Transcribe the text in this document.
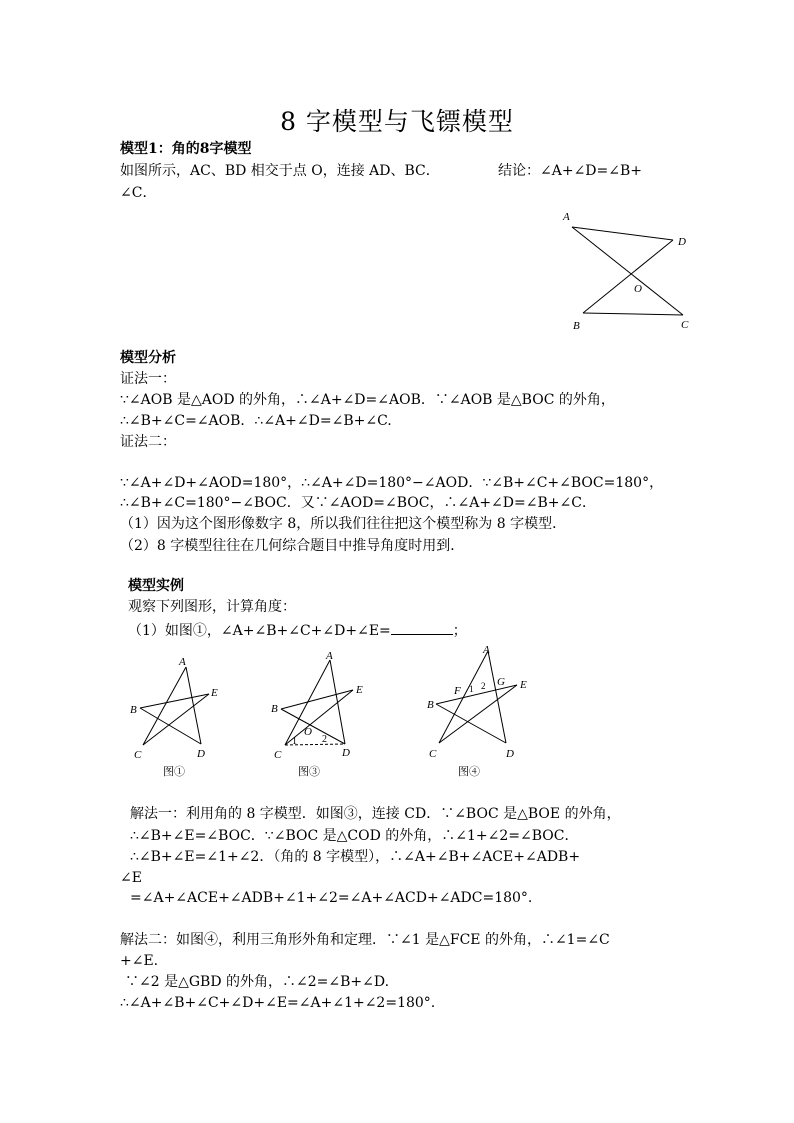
8 字模型与飞镖模型
模型1：角的8字模型
如图所示，AC、BD 相交于点 O，连接 AD、BC．	结论：∠A+∠D=∠B+
∠C．
A
D
O
B	C
模型分析
证法一：
∵∠AOB 是△AOD 的外角，∴∠A+∠D=∠AOB．∵∠AOB 是△BOC 的外角，
∴∠B+∠C=∠AOB．∴∠A+∠D=∠B+∠C.
证法二：
∵∠A+∠D+∠AOD=180°，∴∠A+∠D=180°−∠AOD．∵∠B+∠C+∠BOC=180°，
∴∠B+∠C=180°−∠BOC．又∵∠AOD=∠BOC，∴∠A+∠D=∠B+∠C．
（1）因为这个图形像数字 8，所以我们往往把这个模型称为 8 字模型．
（2）8 字模型往往在几何综合题目中推导角度时用到．
模型实例
观察下列图形，计算角度：
（1）如图①，∠A+∠B+∠C+∠D+∠E=	；
A
E
B
C	D
图①
A
E
B
O
1	2
C	D
图③
A
F 1 2 G E
B
C	D
图④
解法一：利用角的 8 字模型．如图③，连接 CD．∵∠BOC 是△BOE 的外角，
∴∠B+∠E=∠BOC．∵∠BOC 是△COD 的外角，∴∠1+∠2=∠BOC．
∴∠B+∠E=∠1+∠2．（角的 8 字模型），∴∠A+∠B+∠ACE+∠ADB+
∠E
=∠A+∠ACE+∠ADB+∠1+∠2=∠A+∠ACD+∠ADC=180°.
解法二：如图④，利用三角形外角和定理．∵∠1 是△FCE 的外角，∴∠1=∠C
+∠E.
∵∠2 是△GBD 的外角，∴∠2=∠B+∠D.
∴∠A+∠B+∠C+∠D+∠E=∠A+∠1+∠2=180°.
